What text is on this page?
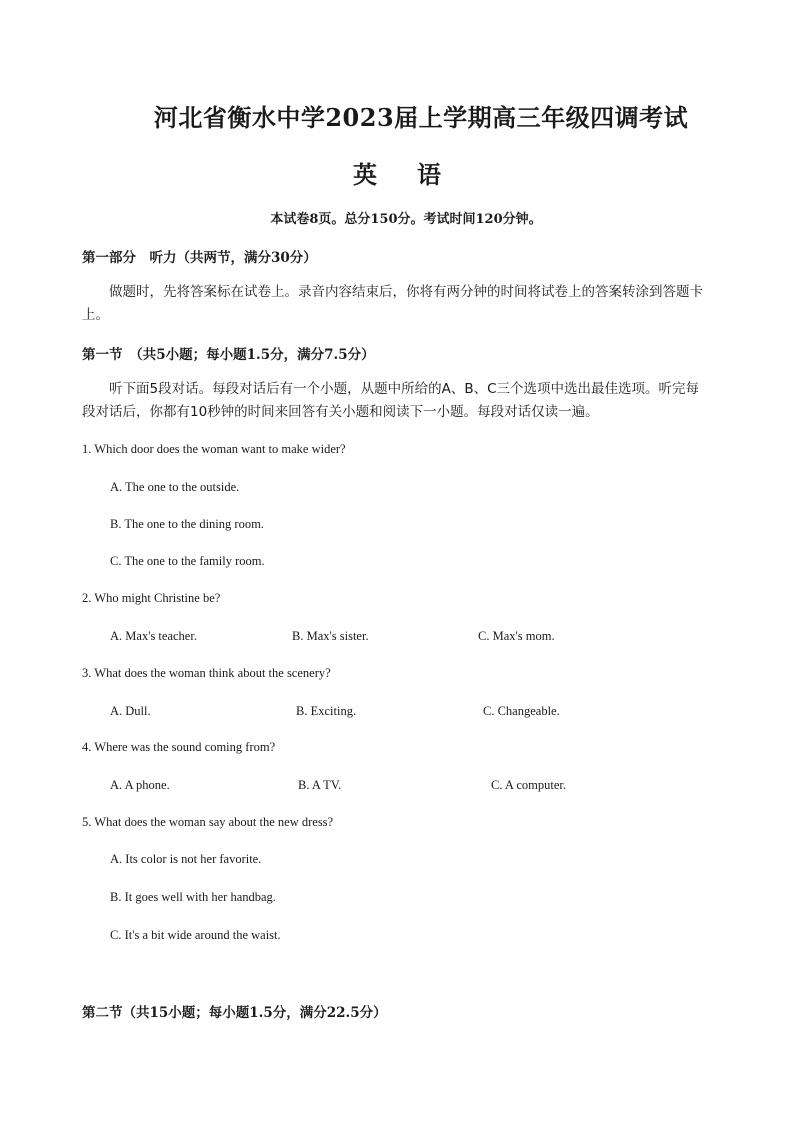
河北省衡水中学2023届上学期高三年级四调考试
英　语
本试卷8页。总分150分。考试时间120分钟。
第一部分　听力（共两节，满分30分）
做题时，先将答案标在试卷上。录音内容结束后，你将有两分钟的时间将试卷上的答案转涂到答题卡上。
第一节　（共5小题；每小题1.5分，满分7.5分）
听下面5段对话。每段对话后有一个小题，从题中所给的A、B、C三个选项中选出最佳选项。听完每段对话后，你都有10秒钟的时间来回答有关小题和阅读下一小题。每段对话仅读一遍。
1. Which door does the woman want to make wider?
A. The one to the outside.
B. The one to the dining room.
C. The one to the family room.
2. Who might Christine be?
A. Max's teacher.	B. Max's sister.	C. Max's mom.
3. What does the woman think about the scenery?
A. Dull.	B. Exciting.	C. Changeable.
4. Where was the sound coming from?
A. A phone.	B. A TV.	C. A computer.
5. What does the woman say about the new dress?
A. Its color is not her favorite.
B. It goes well with her handbag.
C. It's a bit wide around the waist.
第二节（共15小题；每小题1.5分，满分22.5分）
